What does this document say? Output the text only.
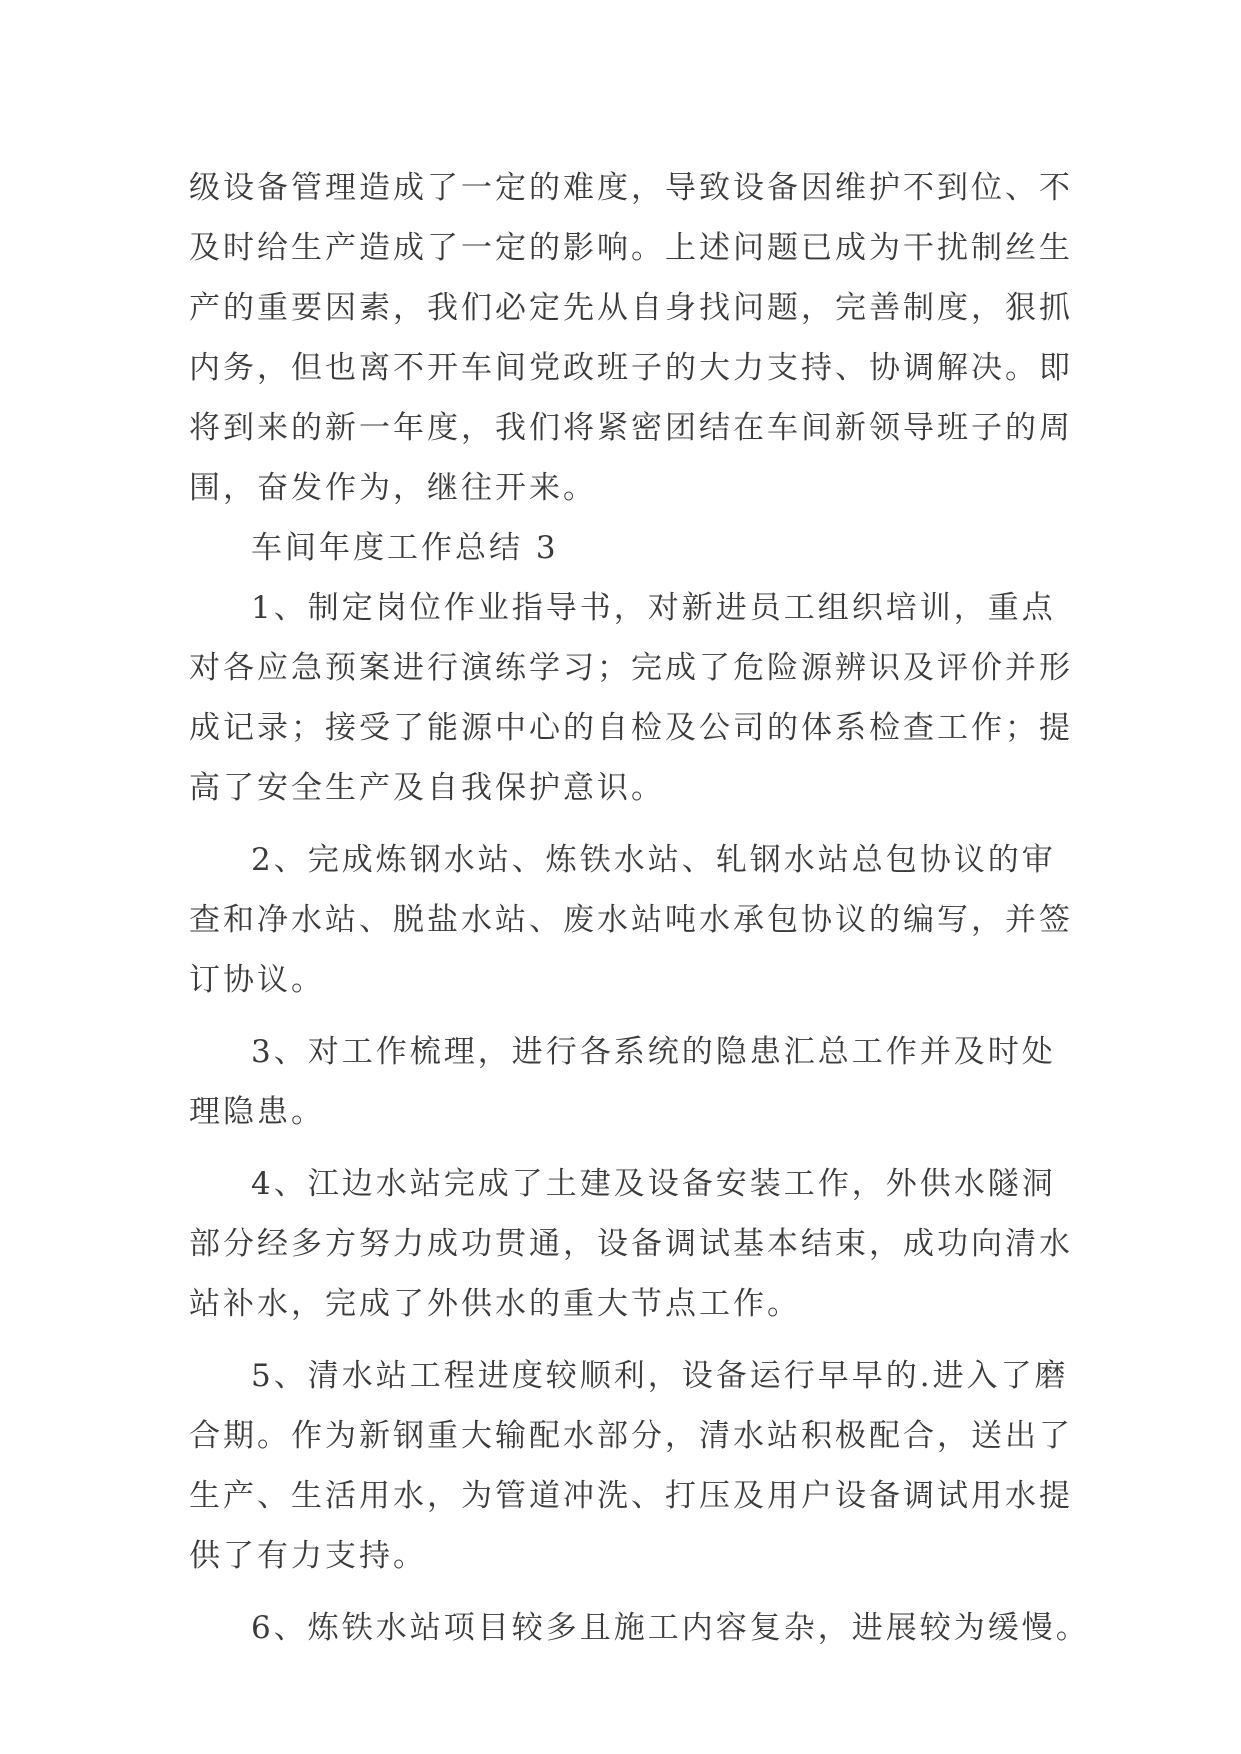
级设备管理造成了一定的难度，导致设备因维护不到位、不
及时给生产造成了一定的影响。上述问题已成为干扰制丝生
产的重要因素，我们必定先从自身找问题，完善制度，狠抓
内务，但也离不开车间党政班子的大力支持、协调解决。即
将到来的新一年度，我们将紧密团结在车间新领导班子的周
围，奋发作为，继往开来。
车间年度工作总结 3
1、制定岗位作业指导书，对新进员工组织培训，重点
对各应急预案进行演练学习；完成了危险源辨识及评价并形
成记录；接受了能源中心的自检及公司的体系检查工作；提
高了安全生产及自我保护意识。
2、完成炼钢水站、炼铁水站、轧钢水站总包协议的审
查和净水站、脱盐水站、废水站吨水承包协议的编写，并签
订协议。
3、对工作梳理，进行各系统的隐患汇总工作并及时处
理隐患。
4、江边水站完成了土建及设备安装工作，外供水隧洞
部分经多方努力成功贯通，设备调试基本结束，成功向清水
站补水，完成了外供水的重大节点工作。
5、清水站工程进度较顺利，设备运行早早的.进入了磨
合期。作为新钢重大输配水部分，清水站积极配合，送出了
生产、生活用水，为管道冲洗、打压及用户设备调试用水提
供了有力支持。
6、炼铁水站项目较多且施工内容复杂，进展较为缓慢。
